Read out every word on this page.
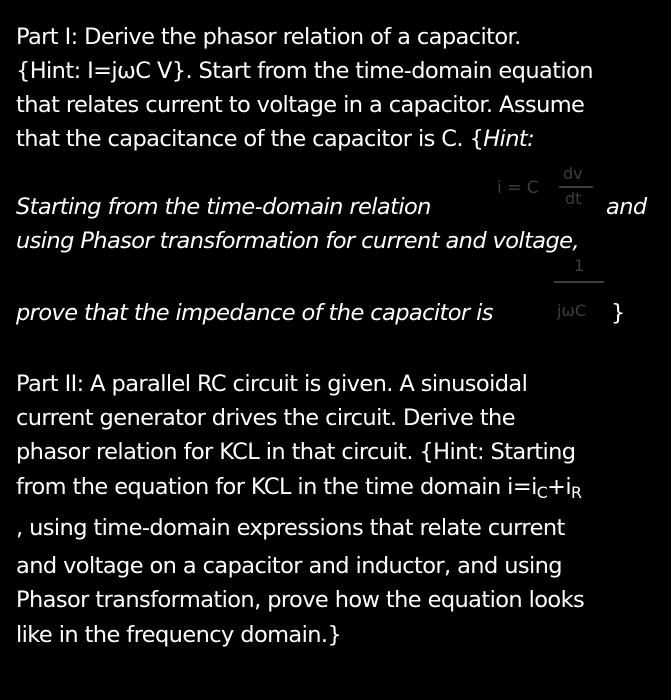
Part I: Derive the phasor relation of a capacitor.
{Hint: I=jωC V}. Start from the time-domain equation
that relates current to voltage in a capacitor. Assume
that the capacitance of the capacitor is C. {Hint:
Starting from the time-domain relation	and
i = C
dv
dt
using Phasor transformation for current and voltage,
1
jωC
prove that the impedance of the capacitor is	}
Part II: A parallel RC circuit is given. A sinusoidal
current generator drives the circuit. Derive the
phasor relation for KCL in that circuit. {Hint: Starting
from the equation for KCL in the time domain $i=i_C+i_R$
, using time-domain expressions that relate current
and voltage on a capacitor and inductor, and using
Phasor transformation, prove how the equation looks
like in the frequency domain.}
